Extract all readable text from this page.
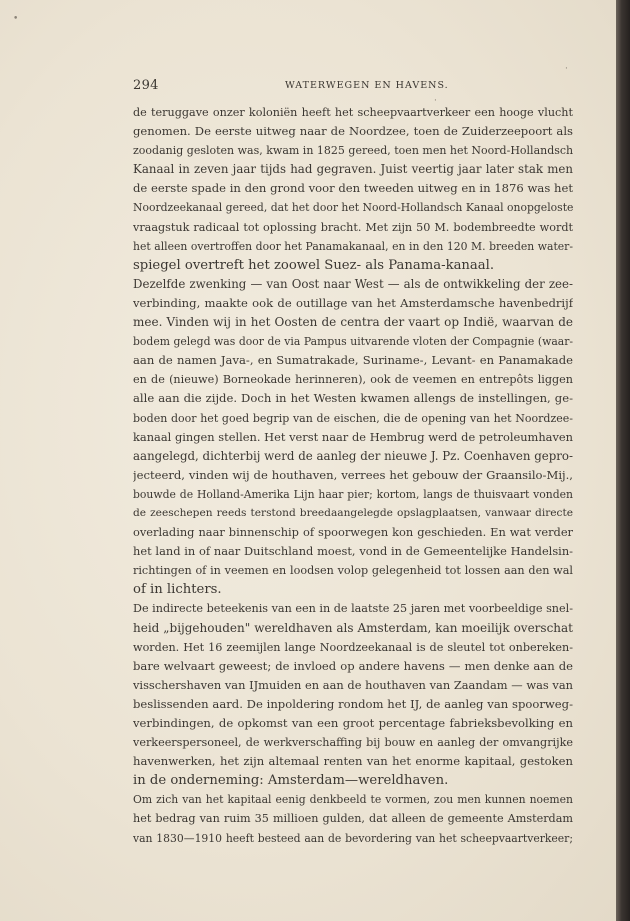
294	WATERWEGEN EN HAVENS.
de teruggave onzer koloniën heeft het scheepvaartverkeer een hooge vlucht
genomen. De eerste uitweg naar de Noordzee, toen de Zuiderzeepoort als
zoodanig gesloten was, kwam in 1825 gereed, toen men het Noord-Hollandsch
Kanaal in zeven jaar tijds had gegraven. Juist veertig jaar later stak men
de eerste spade in den grond voor den tweeden uitweg en in 1876 was het
Noordzeekanaal gereed, dat het door het Noord-Hollandsch Kanaal onopgeloste
vraagstuk radicaal tot oplossing bracht. Met zijn 50 M. bodembreedte wordt
het alleen overtroffen door het Panamakanaal, en in den 120 M. breeden water-
spiegel overtreft het zoowel Suez- als Panama-kanaal.
Dezelfde zwenking — van Oost naar West — als de ontwikkeling der zee-
verbinding, maakte ook de outillage van het Amsterdamsche havenbedrijf
mee. Vinden wij in het Oosten de centra der vaart op Indië, waarvan de
bodem gelegd was door de via Pampus uitvarende vloten der Compagnie (waar-
aan de namen Java-, en Sumatrakade, Suriname-, Levant- en Panamakade
en de (nieuwe) Borneokade herinneren), ook de veemen en entrepôts liggen
alle aan die zijde. Doch in het Westen kwamen allengs de instellingen, ge-
boden door het goed begrip van de eischen, die de opening van het Noordzee-
kanaal gingen stellen. Het verst naar de Hembrug werd de petroleumhaven
aangelegd, dichterbij werd de aanleg der nieuwe J. Pz. Coenhaven gepro-
jecteerd, vinden wij de houthaven, verrees het gebouw der Graansilo-Mij.,
bouwde de Holland-Amerika Lijn haar pier; kortom, langs de thuisvaart vonden
de zeeschepen reeds terstond breedaangelegde opslagplaatsen, vanwaar directe
overlading naar binnenschip of spoorwegen kon geschieden. En wat verder
het land in of naar Duitschland moest, vond in de Gemeentelijke Handelsin-
richtingen of in veemen en loodsen volop gelegenheid tot lossen aan den wal
of in lichters.
De indirecte beteekenis van een in de laatste 25 jaren met voorbeeldige snel-
heid „bijgehouden" wereldhaven als Amsterdam, kan moeilijk overschat
worden. Het 16 zeemijlen lange Noordzeekanaal is de sleutel tot onbereken-
bare welvaart geweest; de invloed op andere havens — men denke aan de
visschershaven van IJmuiden en aan de houthaven van Zaandam — was van
beslissenden aard. De inpoldering rondom het IJ, de aanleg van spoorweg-
verbindingen, de opkomst van een groot percentage fabrieksbevolking en
verkeerspersoneel, de werkverschaffing bij bouw en aanleg der omvangrijke
havenwerken, het zijn altemaal renten van het enorme kapitaal, gestoken
in de onderneming: Amsterdam—wereldhaven.
Om zich van het kapitaal eenig denkbeeld te vormen, zou men kunnen noemen
het bedrag van ruim 35 millioen gulden, dat alleen de gemeente Amsterdam
van 1830—1910 heeft besteed aan de bevordering van het scheepvaartverkeer;
•
·
·
